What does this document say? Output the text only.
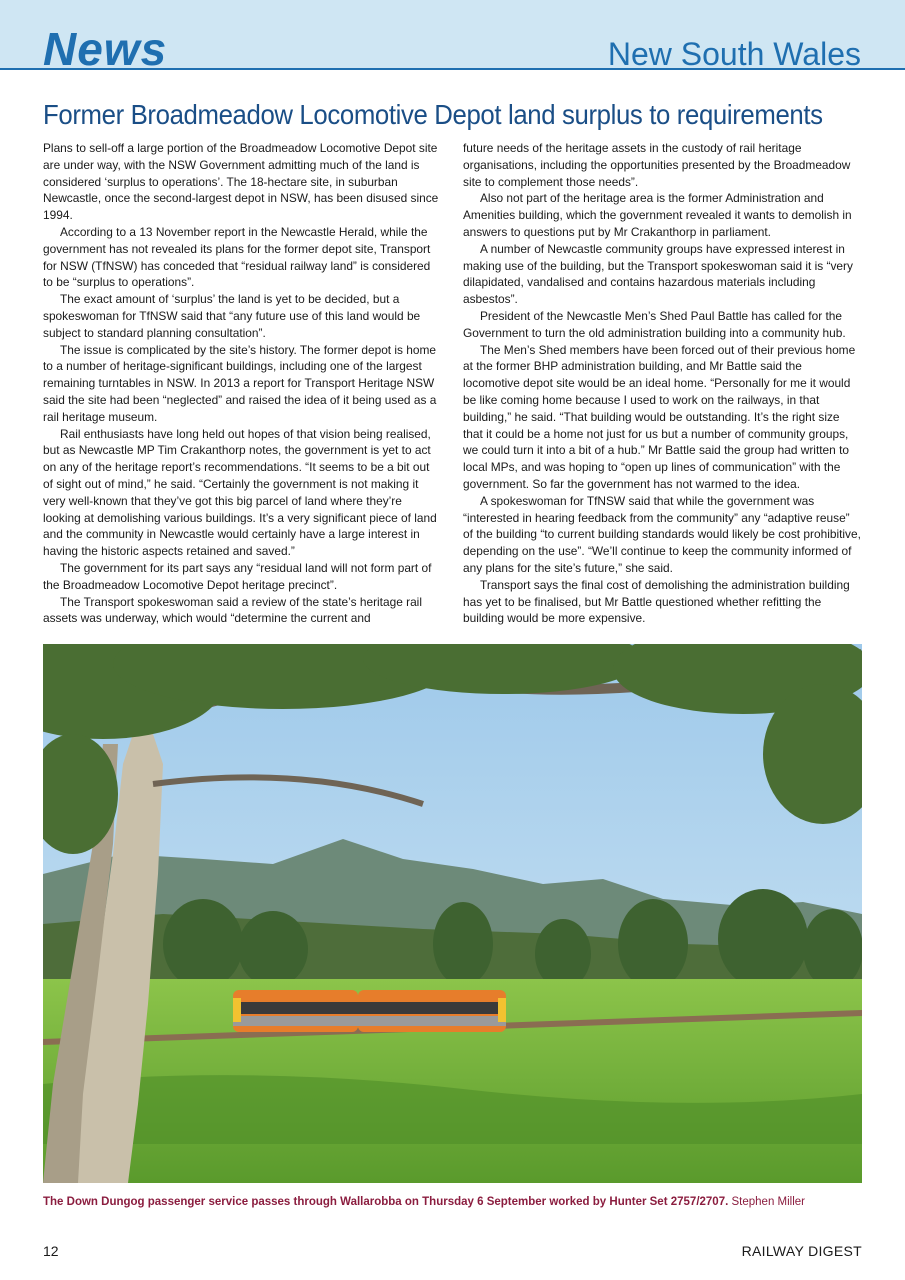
News	New South Wales
Former Broadmeadow Locomotive Depot land surplus to requirements

Plans to sell-off a large portion of the Broadmeadow Locomotive Depot site are under way, with the NSW Government admitting much of the land is considered ‘surplus to operations’. The 18-hectare site, in suburban Newcastle, once the second-largest depot in NSW, has been disused since 1994.

According to a 13 November report in the Newcastle Herald, while the government has not revealed its plans for the former depot site, Transport for NSW (TfNSW) has conceded that “residual railway land” is considered to be “surplus to operations”.

The exact amount of ‘surplus’ the land is yet to be decided, but a spokeswoman for TfNSW said that “any future use of this land would be subject to standard planning consultation”.

The issue is complicated by the site’s history. The former depot is home to a number of heritage-significant buildings, including one of the largest remaining turntables in NSW. In 2013 a report for Transport Heritage NSW said the site had been “neglected” and raised the idea of it being used as a rail heritage museum.

Rail enthusiasts have long held out hopes of that vision being realised, but as Newcastle MP Tim Crakanthorp notes, the government is yet to act on any of the heritage report’s recommendations. “It seems to be a bit out of sight out of mind,” he said. “Certainly the government is not making it very well-known that they’ve got this big parcel of land where they’re looking at demolishing various buildings. It’s a very significant piece of land and the community in Newcastle would certainly have a large interest in having the historic aspects retained and saved.”

The government for its part says any “residual land will not form part of the Broadmeadow Locomotive Depot heritage precinct”.

The Transport spokeswoman said a review of the state’s heritage rail assets was underway, which would “determine the current and

future needs of the heritage assets in the custody of rail heritage organisations, including the opportunities presented by the Broadmeadow site to complement those needs”.

Also not part of the heritage area is the former Administration and Amenities building, which the government revealed it wants to demolish in answers to questions put by Mr Crakanthorp in parliament.

A number of Newcastle community groups have expressed interest in making use of the building, but the Transport spokeswoman said it is “very dilapidated, vandalised and contains hazardous materials including asbestos”.

President of the Newcastle Men’s Shed Paul Battle has called for the Government to turn the old administration building into a community hub.

The Men’s Shed members have been forced out of their previous home at the former BHP administration building, and Mr Battle said the locomotive depot site would be an ideal home. “Personally for me it would be like coming home because I used to work on the railways, in that building,” he said. “That building would be outstanding. It’s the right size that it could be a home not just for us but a number of community groups, we could turn it into a bit of a hub.” Mr Battle said the group had written to local MPs, and was hoping to “open up lines of communication” with the government. So far the government has not warmed to the idea.

A spokeswoman for TfNSW said that while the government was “interested in hearing feedback from the community” any “adaptive reuse” of the building “to current building standards would likely be cost prohibitive, depending on the use”. “We’ll continue to keep the community informed of any plans for the site’s future,” she said.

Transport says the final cost of demolishing the administration building has yet to be finalised, but Mr Battle questioned whether refitting the building would be more expensive.

The Down Dungog passenger service passes through Wallarobba on Thursday 6 September worked by Hunter Set 2757/2707. Stephen Miller
12	RAILWAY DIGEST
